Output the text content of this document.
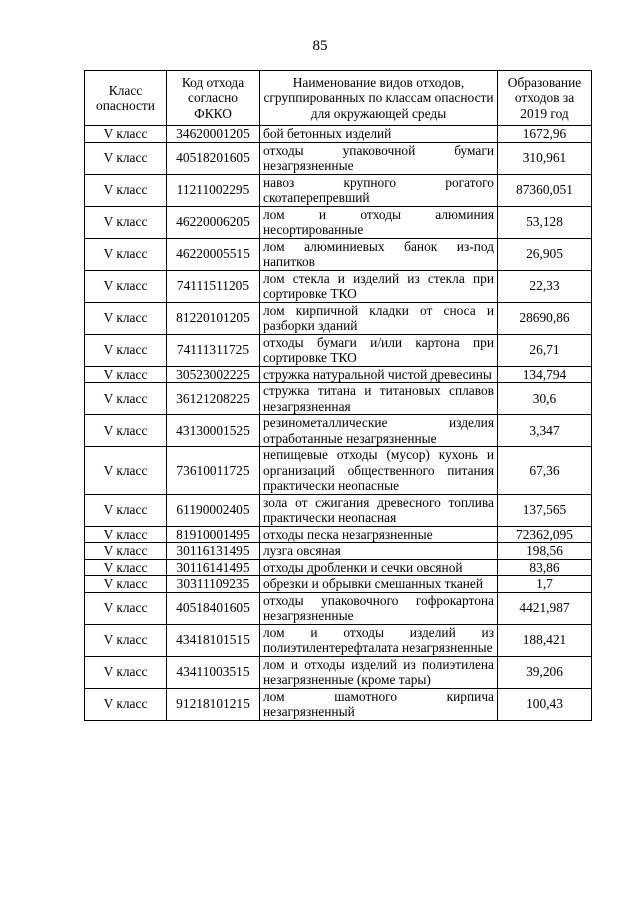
85
Класс опасности	Код отхода согласно ФККО	Наименование видов отходов, сгруппированных по классам опасности для окружающей среды	Образование отходов за 2019 год
V класс	34620001205	бой бетонных изделий	1672,96
V класс	40518201605	отходы упаковочной бумаги незагрязненные	310,961
V класс	11211002295	навоз крупного рогатого скотаперепревший	87360,051
V класс	46220006205	лом и отходы алюминия несортированные	53,128
V класс	46220005515	лом алюминиевых банок из-под напитков	26,905
V класс	74111511205	лом стекла и изделий из стекла при сортировке ТКО	22,33
V класс	81220101205	лом кирпичной кладки от сноса и разборки зданий	28690,86
V класс	74111311725	отходы бумаги и/или картона при сортировке ТКО	26,71
V класс	30523002225	стружка натуральной чистой древесины	134,794
V класс	36121208225	стружка титана и титановых сплавов незагрязненная	30,6
V класс	43130001525	резинометаллические изделия отработанные незагрязненные	3,347
V класс	73610011725	непищевые отходы (мусор) кухонь и организаций общественного питания практически неопасные	67,36
V класс	61190002405	зола от сжигания древесного топлива практически неопасная	137,565
V класс	81910001495	отходы песка незагрязненные	72362,095
V класс	30116131495	лузга овсяная	198,56
V класс	30116141495	отходы дробленки и сечки овсяной	83,86
V класс	30311109235	обрезки и обрывки смешанных тканей	1,7
V класс	40518401605	отходы упаковочного гофрокартона незагрязненные	4421,987
V класс	43418101515	лом и отходы изделий из полиэтилентерефталата незагрязненные	188,421
V класс	43411003515	лом и отходы изделий из полиэтилена незагрязненные (кроме тары)	39,206
V класс	91218101215	лом шамотного кирпича незагрязненный	100,43
